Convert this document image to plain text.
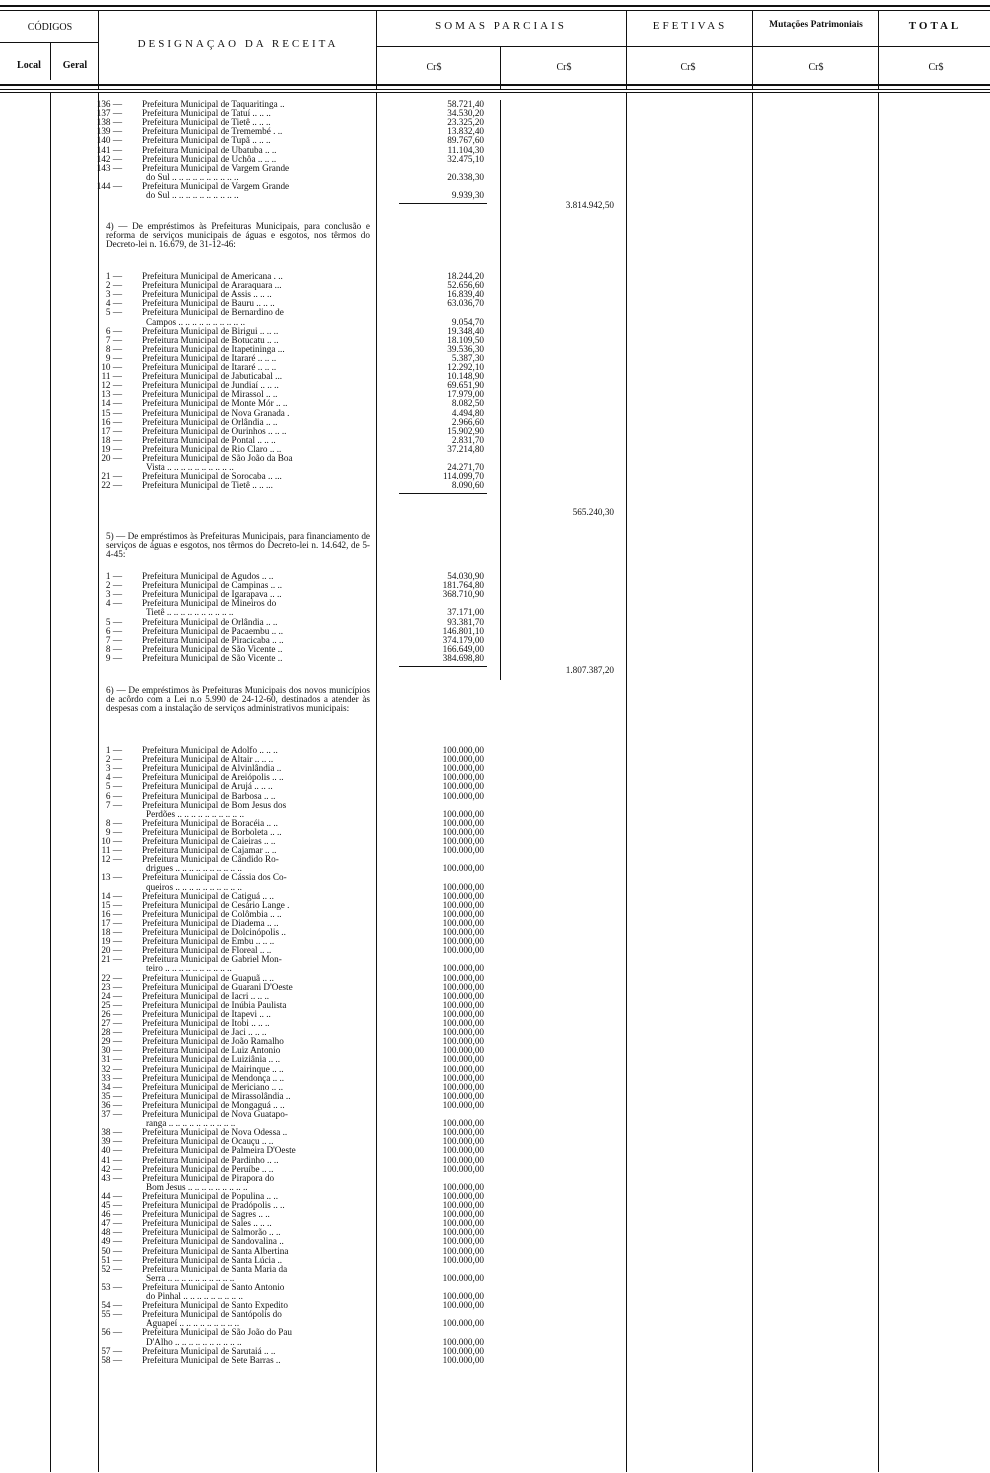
CÓDIGOS
Local	Geral
DESIGNAÇAO DA RECEITA
SOMAS PARCIAIS	EFETIVAS	Mutações Patrimoniais	TOTAL
Cr$	Cr$	Cr$	Cr$	Cr$
136 — Prefeitura Municipal de Taquaritinga ..	58.721,40
137 — Prefeitura Municipal de Tatuí .. .. ..	34.530,20
138 — Prefeitura Municipal de Tietê .. .. ..	23.325,20
139 — Prefeitura Municipal de Tremembé . ..	13.832,40
140 — Prefeitura Municipal de Tupã .. .. ..	89.767,60
141 — Prefeitura Municipal de Ubatuba .. ..	11.104,30
142 — Prefeitura Municipal de Uchôa .. .. ..	32.475,10
143 — Prefeitura Municipal de Vargem Grande
do Sul .. .. .. .. .. .. .. .. .. ..	20.338,30
144 — Prefeitura Municipal de Vargem Grande
do Sul .. .. .. .. .. .. .. .. .. ..	9.939,30
3.814.942,50
4) — De empréstimos às Prefeituras Municipais, para conclusão e reforma de serviços municipais de águas e esgotos, nos têrmos do Decreto-lei n. 16.679, de 31-12-46:
1 — Prefeitura Municipal de Americana . ..	18.244,20
2 — Prefeitura Municipal de Araraquara ...	52.656,60
3 — Prefeitura Municipal de Assis .. .. ..	16.839,40
4 — Prefeitura Municipal de Bauru .. .. ..	63.036,70
5 — Prefeitura Municipal de Bernardino de
Campos .. .. .. .. .. .. .. .. .. ..	9.054,70
6 — Prefeitura Municipal de Birigui .. .. ..	19.348,40
7 — Prefeitura Municipal de Botucatu .. ..	18.109,50
8 — Prefeitura Municipal de Itapetininga ...	39.536,30
9 — Prefeitura Municipal de Itararé .. .. ..	5.387,30
10 — Prefeitura Municipal de Itararé .. .. ..	12.292,10
11 — Prefeitura Municipal de Jabuticabal ...	10.148,90
12 — Prefeitura Municipal de Jundiaí .. .. ..	69.651,90
13 — Prefeitura Municipal de Mirassol .. ..	17.979,00
14 — Prefeitura Municipal de Monte Mór .. ..	8.082,50
15 — Prefeitura Municipal de Nova Granada .	4.494,80
16 — Prefeitura Municipal de Orlândia .. ..	2.966,60
17 — Prefeitura Municipal de Ourinhos .. .. ..	15.902,90
18 — Prefeitura Municipal de Pontal .. .. ..	2.831,70
19 — Prefeitura Municipal de Rio Claro .. ..	37.214,80
20 — Prefeitura Municipal de São João da Boa
Vista .. .. .. .. .. .. .. .. .. ..	24.271,70
21 — Prefeitura Municipal de Sorocaba .. ...	114.099,70
22 — Prefeitura Municipal de Tietê .. .. ...	8.090,60
565.240,30
5) — De empréstimos às Prefeituras Municipais, para financiamento de serviços de águas e esgotos, nos têrmos do Decreto-lei n. 14.642, de 5-4-45:
1 — Prefeitura Municipal de Agudos .. ..	54.030,90
2 — Prefeitura Municipal de Campinas .. ..	181.764,80
3 — Prefeitura Municipal de Igarapava .. ..	368.710,90
4 — Prefeitura Municipal de Mineiros do
Tietê .. .. .. .. .. .. .. .. .. ..	37.171,00
5 — Prefeitura Municipal de Orlândia .. ..	93.381,70
6 — Prefeitura Municipal de Pacaembu .. ..	146.801,10
7 — Prefeitura Municipal de Piracicaba .. ..	374.179,00
8 — Prefeitura Municipal de São Vicente ..	166.649,00
9 — Prefeitura Municipal de São Vicente ..	384.698,80
1.807.387,20
6) — De empréstimos às Prefeituras Municipais dos novos municípios de acôrdo com a Lei n.o 5.990 de 24-12-60, destinados a atender às despesas com a instalação de serviços administrativos municipais:
1 — Prefeitura Municipal de Adolfo .. .. ..	100.000,00
2 — Prefeitura Municipal de Altair .. .. ..	100.000,00
3 — Prefeitura Municipal de Alvinlândia ..	100.000,00
4 — Prefeitura Municipal de Areiópolis .. ..	100.000,00
5 — Prefeitura Municipal de Arujá .. .. ..	100.000,00
6 — Prefeitura Municipal de Barbosa .. ..	100.000,00
7 — Prefeitura Municipal de Bom Jesus dos
Perdões .. .. .. .. .. .. .. .. .. ..	100.000,00
8 — Prefeitura Municipal de Boracéia .. ..	100.000,00
9 — Prefeitura Municipal de Borboleta .. ..	100.000,00
10 — Prefeitura Municipal de Caieiras .. ..	100.000,00
11 — Prefeitura Municipal de Cajamar .. ..	100.000,00
12 — Prefeitura Municipal de Cândido Ro-
drigues .. .. .. .. .. .. .. .. .. ..	100.000,00
13 — Prefeitura Municipal de Cássia dos Co-
queiros .. .. .. .. .. .. .. .. .. ..	100.000,00
14 — Prefeitura Municipal de Catiguá .. ..	100.000,00
15 — Prefeitura Municipal de Cesário Lange .	100.000,00
16 — Prefeitura Municipal de Colômbia .. ..	100.000,00
17 — Prefeitura Municipal de Diadema .. ..	100.000,00
18 — Prefeitura Municipal de Dolcinópolis ..	100.000,00
19 — Prefeitura Municipal de Embu .. .. ..	100.000,00
20 — Prefeitura Municipal de Floreal .. ..	100.000,00
21 — Prefeitura Municipal de Gabriel Mon-
teiro .. .. .. .. .. .. .. .. .. ..	100.000,00
22 — Prefeitura Municipal de Guapuã .. ..	100.000,00
23 — Prefeitura Municipal de Guarani D'Oeste	100.000,00
24 — Prefeitura Municipal de Iacri .. .. ..	100.000,00
25 — Prefeitura Municipal de Inúbia Paulista	100.000,00
26 — Prefeitura Municipal de Itapevi .. ..	100.000,00
27 — Prefeitura Municipal de Itobi .. .. ..	100.000,00
28 — Prefeitura Municipal de Jaci .. .. ..	100.000,00
29 — Prefeitura Municipal de João Ramalho	100.000,00
30 — Prefeitura Municipal de Luiz Antonio	100.000,00
31 — Prefeitura Municipal de Luiziânia .. ..	100.000,00
32 — Prefeitura Municipal de Mairinque .. ..	100.000,00
33 — Prefeitura Municipal de Mendonça .. ..	100.000,00
34 — Prefeitura Municipal de Mericiano .. ..	100.000,00
35 — Prefeitura Municipal de Mirassolândia ..	100.000,00
36 — Prefeitura Municipal de Mongaguá .. ..	100.000,00
37 — Prefeitura Municipal de Nova Guatapo-
ranga .. .. .. .. .. .. .. .. .. ..	100.000,00
38 — Prefeitura Municipal de Nova Odessa ..	100.000,00
39 — Prefeitura Municipal de Ocauçu .. ..	100.000,00
40 — Prefeitura Municipal de Palmeira D'Oeste	100.000,00
41 — Prefeitura Municipal de Pardinho .. ..	100.000,00
42 — Prefeitura Municipal de Peruíbe .. ..	100.000,00
43 — Prefeitura Municipal de Pirapora do
Bom Jesus .. .. .. .. .. .. .. .. ..	100.000,00
44 — Prefeitura Municipal de Populina .. ..	100.000,00
45 — Prefeitura Municipal de Pradópolis .. ..	100.000,00
46 — Prefeitura Municipal de Sagres .. ..	100.000,00
47 — Prefeitura Municipal de Sales .. .. ..	100.000,00
48 — Prefeitura Municipal de Salmorão .. ..	100.000,00
49 — Prefeitura Municipal de Sandovalina ..	100.000,00
50 — Prefeitura Municipal de Santa Albertina	100.000,00
51 — Prefeitura Municipal de Santa Lúcia ..	100.000,00
52 — Prefeitura Municipal de Santa Maria da
Serra .. .. .. .. .. .. .. .. .. ..	100.000,00
53 — Prefeitura Municipal de Santo Antonio
do Pinhal .. .. .. .. .. .. .. .. ..	100.000,00
54 — Prefeitura Municipal de Santo Expedito	100.000,00
55 — Prefeitura Municipal de Santópolis do
Aguapeí .. .. .. .. .. .. .. .. ..	100.000,00
56 — Prefeitura Municipal de São João do Pau
D'Alho .. .. .. .. .. .. .. .. .. ..	100.000,00
57 — Prefeitura Municipal de Sarutaiá .. ..	100.000,00
58 — Prefeitura Municipal de Sete Barras ..	100.000,00
